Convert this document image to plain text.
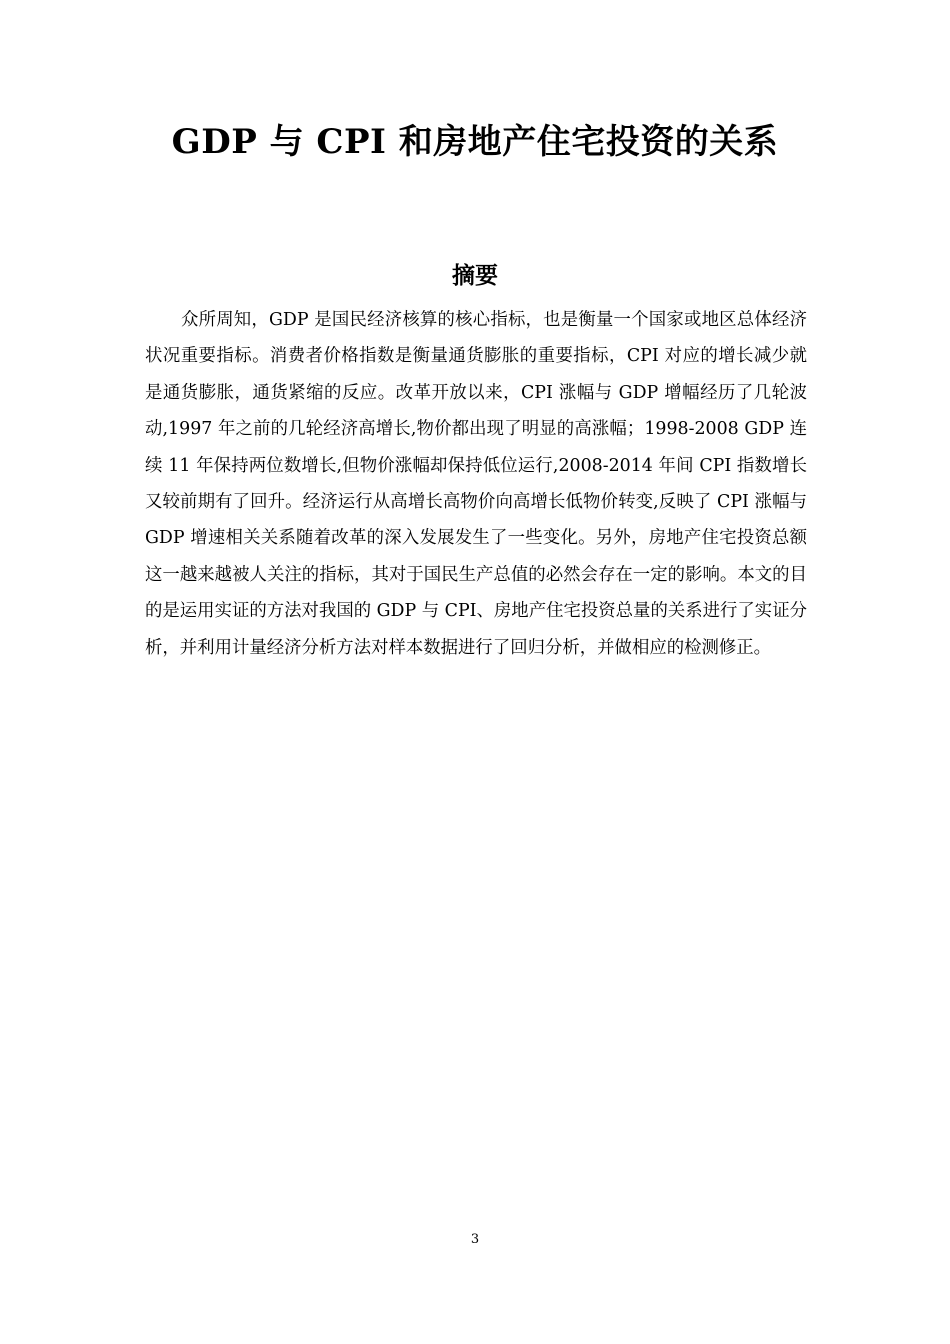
GDP 与 CPI 和房地产住宅投资的关系
摘要

众所周知，GDP 是国民经济核算的核心指标，也是衡量一个国家或地区总体经济状况重要指标。消费者价格指数是衡量通货膨胀的重要指标，CPI 对应的增长减少就是通货膨胀，通货紧缩的反应。改革开放以来，CPI 涨幅与 GDP 增幅经历了几轮波动,1997 年之前的几轮经济高增长,物价都出现了明显的高涨幅；1998-2008 GDP 连续 11 年保持两位数增长,但物价涨幅却保持低位运行,2008-2014 年间 CPI 指数增长又较前期有了回升。经济运行从高增长高物价向高增长低物价转变,反映了 CPI 涨幅与 GDP 增速相关关系随着改革的深入发展发生了一些变化。另外，房地产住宅投资总额这一越来越被人关注的指标，其对于国民生产总值的必然会存在一定的影响。本文的目的是运用实证的方法对我国的 GDP 与 CPI、房地产住宅投资总量的关系进行了实证分析，并利用计量经济分析方法对样本数据进行了回归分析，并做相应的检测修正。

3
